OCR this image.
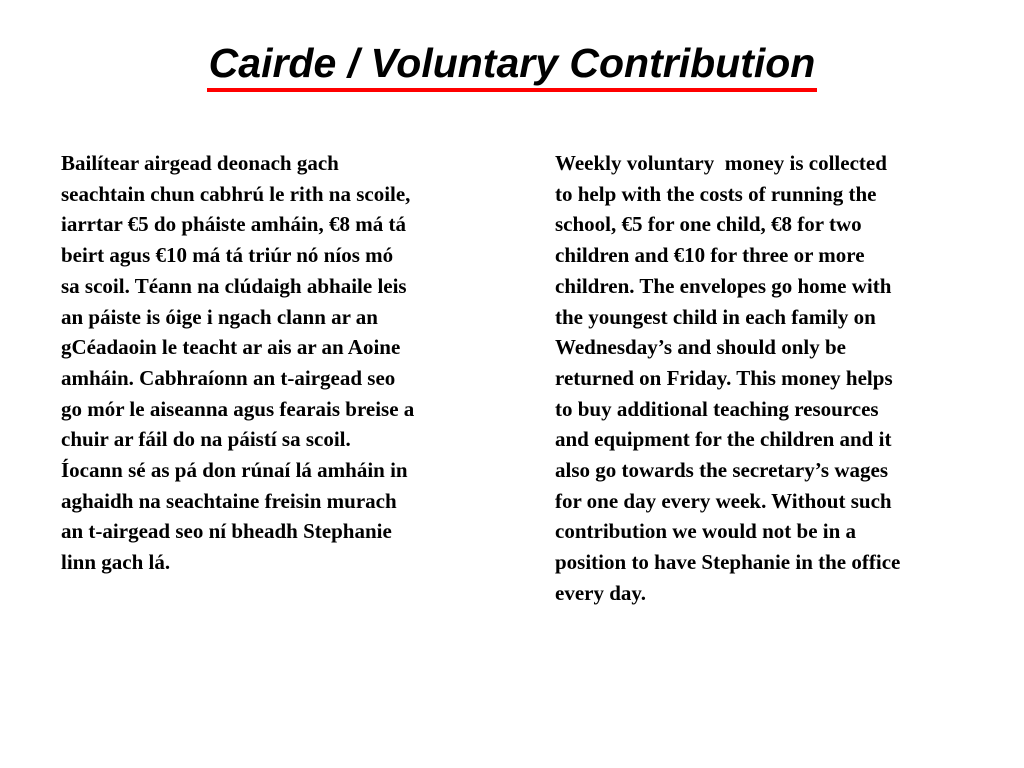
Cairde / Voluntary Contribution

Bailítear airgead deonach gach
seachtain chun cabhrú le rith na scoile,
iarrtar €5 do pháiste amháin, €8 má tá
beirt agus €10 má tá triúr nó níos mó
sa scoil. Téann na clúdaigh abhaile leis
an páiste is óige i ngach clann ar an
gCéadaoin le teacht ar ais ar an Aoine
amháin. Cabhraíonn an t-airgead seo
go mór le aiseanna agus fearais breise a
chuir ar fáil do na páistí sa scoil.
Íocann sé as pá don rúnaí lá amháin in
aghaidh na seachtaine freisin murach
an t-airgead seo ní bheadh Stephanie
linn gach lá.

Weekly voluntary  money is collected
to help with the costs of running the
school, €5 for one child, €8 for two
children and €10 for three or more
children. The envelopes go home with
the youngest child in each family on
Wednesday’s and should only be
returned on Friday. This money helps
to buy additional teaching resources
and equipment for the children and it
also go towards the secretary’s wages
for one day every week. Without such
contribution we would not be in a
position to have Stephanie in the office
every day.
